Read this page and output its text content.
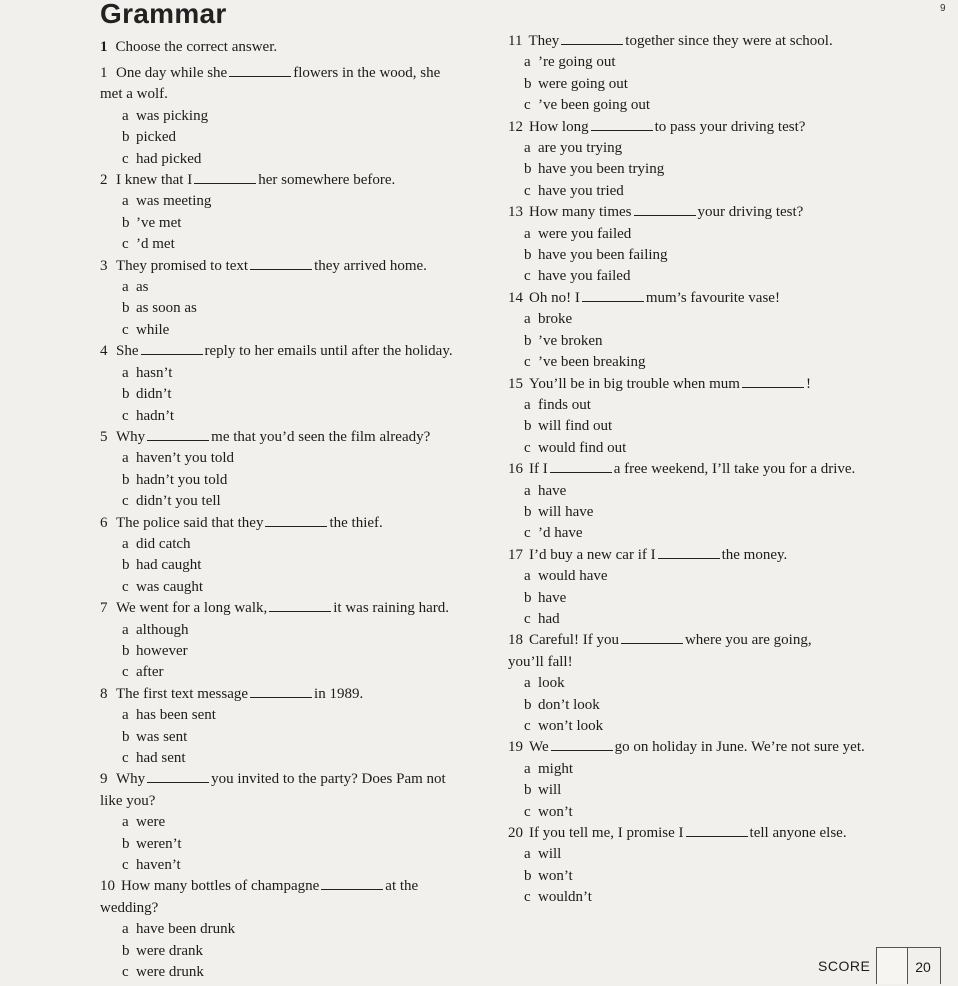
Grammar	9
1 Choose the correct answer.
1 One day while she	flowers in the wood, she
met a wolf.
a was picking
b picked
c had picked
2 I knew that I	her somewhere before.
a was meeting
b ’ve met
c ’d met
3 They promised to text	they arrived home.
a as
b as soon as
c while
4 She	reply to her emails until after the holiday.
a hasn’t
b didn’t
c hadn’t
5 Why	me that you’d seen the film already?
a haven’t you told
b hadn’t you told
c didn’t you tell
6 The police said that they	the thief.
a did catch
b had caught
c was caught
7 We went for a long walk,	it was raining hard.
a although
b however
c after
8 The first text message	in 1989.
a has been sent
b was sent
c had sent
9 Why	you invited to the party? Does Pam not
like you?
a were
b weren’t
c haven’t
10 How many bottles of champagne	at the
wedding?
a have been drunk
b were drank
c were drunk
11 They	together since they were at school.
a ’re going out
b were going out
c ’ve been going out
12 How long	to pass your driving test?
a are you trying
b have you been trying
c have you tried
13 How many times	your driving test?
a were you failed
b have you been failing
c have you failed
14 Oh no! I	mum’s favourite vase!
a broke
b ’ve broken
c ’ve been breaking
15 You’ll be in big trouble when mum	!
a finds out
b will find out
c would find out
16 If I	a free weekend, I’ll take you for a drive.
a have
b will have
c ’d have
17 I’d buy a new car if I	the money.
a would have
b have
c had
18 Careful! If you	where you are going,
you’ll fall!
a look
b don’t look
c won’t look
19 We	go on holiday in June. We’re not sure yet.
a might
b will
c won’t
20 If you tell me, I promise I	tell anyone else.
a will
b won’t
c wouldn’t
SCORE	20
